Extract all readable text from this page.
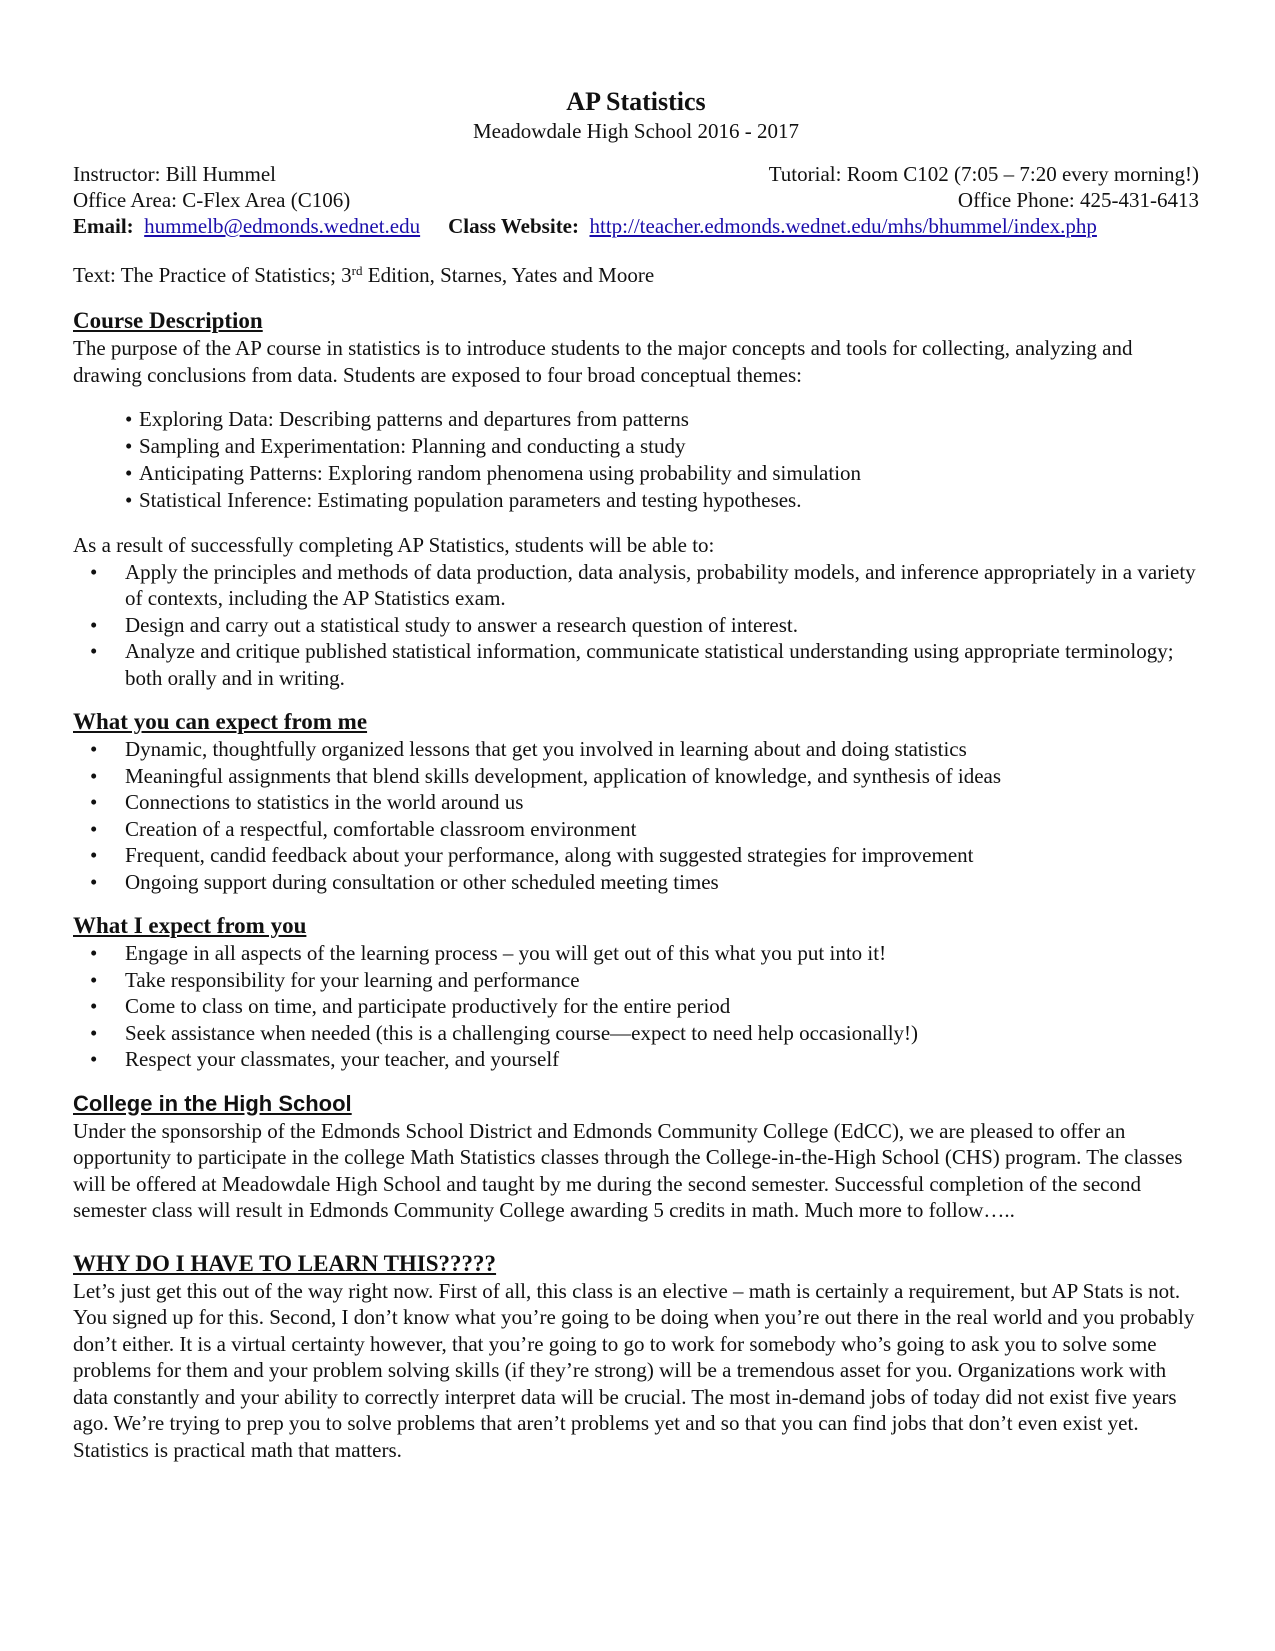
AP Statistics
Meadowdale High School 2016 - 2017
Instructor: Bill Hummel	Tutorial: Room C102 (7:05 – 7:20 every morning!)
Office Area: C-Flex Area (C106)	Office Phone: 425-431-6413
Email:
hummelb@edmonds.wednet.edu Class Website:
http://teacher.edmonds.wednet.edu/mhs/bhummel/index.php
Text: The Practice of Statistics; 3rd Edition, Starnes, Yates and Moore
Course Description

The purpose of the AP course in statistics is to introduce students to the major concepts and tools for collecting, analyzing and drawing conclusions from data. Students are exposed to four broad conceptual themes:

• Exploring Data: Describing patterns and departures from patterns
• Sampling and Experimentation: Planning and conducting a study
• Anticipating Patterns: Exploring random phenomena using probability and simulation
• Statistical Inference: Estimating population parameters and testing hypotheses.

As a result of successfully completing AP Statistics, students will be able to:

• Apply the principles and methods of data production, data analysis, probability models, and inference appropriately in a variety of contexts, including the AP Statistics exam.
• Design and carry out a statistical study to answer a research question of interest.
• Analyze and critique published statistical information, communicate statistical understanding using appropriate terminology; both orally and in writing.
What you can expect from me
• Dynamic, thoughtfully organized lessons that get you involved in learning about and doing statistics
• Meaningful assignments that blend skills development, application of knowledge, and synthesis of ideas
• Connections to statistics in the world around us
• Creation of a respectful, comfortable classroom environment
• Frequent, candid feedback about your performance, along with suggested strategies for improvement
• Ongoing support during consultation or other scheduled meeting times
What I expect from you
• Engage in all aspects of the learning process – you will get out of this what you put into it!
• Take responsibility for your learning and performance
• Come to class on time, and participate productively for the entire period
• Seek assistance when needed (this is a challenging course—expect to need help occasionally!)
• Respect your classmates, your teacher, and yourself
College in the High School

Under the sponsorship of the Edmonds School District and Edmonds Community College (EdCC), we are pleased to offer an opportunity to participate in the college Math Statistics classes through the College-in-the-High School (CHS) program. The classes will be offered at Meadowdale High School and taught by me during the second semester. Successful completion of the second semester class will result in Edmonds Community College awarding 5 credits in math. Much more to follow…..

WHY DO I HAVE TO LEARN THIS?????

Let’s just get this out of the way right now. First of all, this class is an elective – math is certainly a requirement, but AP Stats is not. You signed up for this. Second, I don’t know what you’re going to be doing when you’re out there in the real world and you probably don’t either. It is a virtual certainty however, that you’re going to go to work for somebody who’s going to ask you to solve some problems for them and your problem solving skills (if they’re strong) will be a tremendous asset for you. Organizations work with data constantly and your ability to correctly interpret data will be crucial. The most in-demand jobs of today did not exist five years ago. We’re trying to prep you to solve problems that aren’t problems yet and so that you can find jobs that don’t even exist yet. Statistics is practical math that matters.
